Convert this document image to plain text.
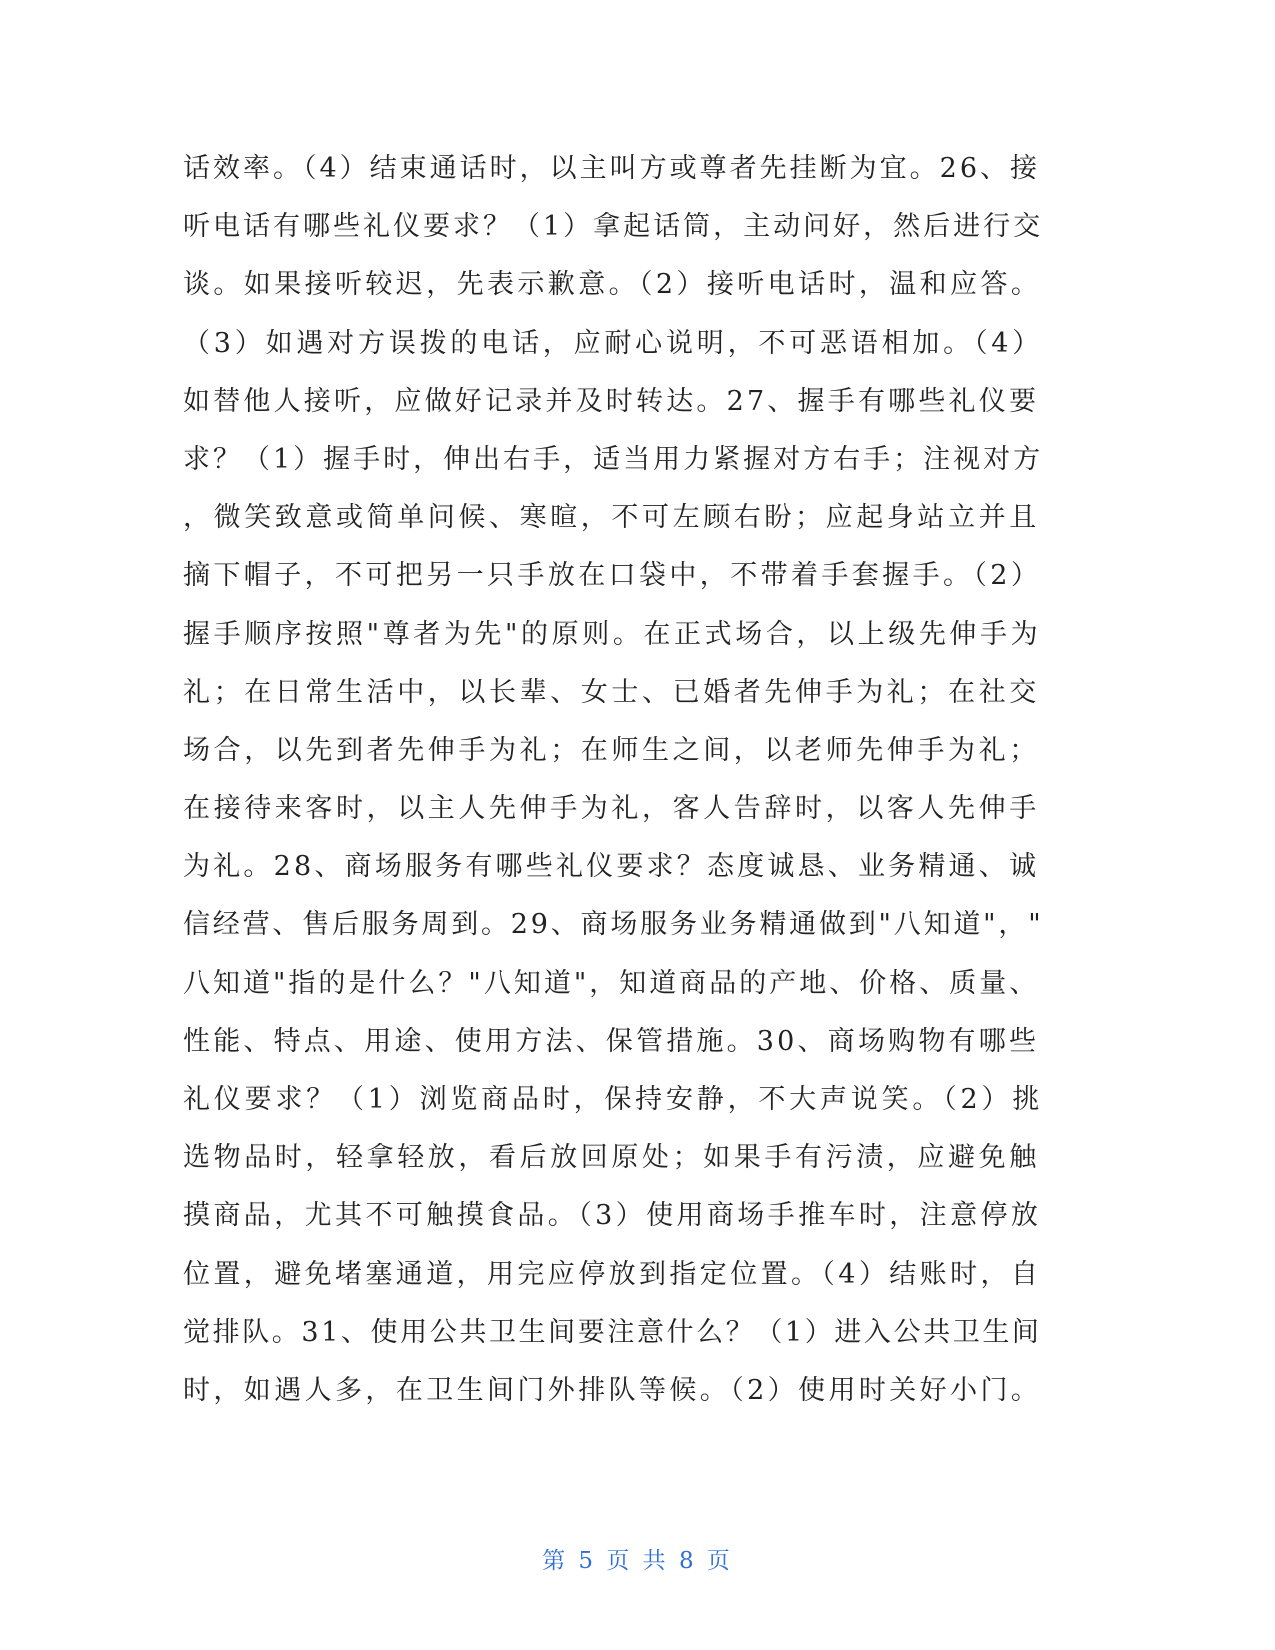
话效率。（4）结束通话时，以主叫方或尊者先挂断为宜。26、接
听电话有哪些礼仪要求？（1）拿起话筒，主动问好，然后进行交
谈。如果接听较迟，先表示歉意。（2）接听电话时，温和应答。
（3）如遇对方误拨的电话，应耐心说明，不可恶语相加。（4）
如替他人接听，应做好记录并及时转达。27、握手有哪些礼仪要
求？（1）握手时，伸出右手，适当用力紧握对方右手；注视对方
，微笑致意或简单问候、寒暄，不可左顾右盼；应起身站立并且
摘下帽子，不可把另一只手放在口袋中，不带着手套握手。（2）
握手顺序按照"尊者为先"的原则。在正式场合，以上级先伸手为
礼；在日常生活中，以长辈、女士、已婚者先伸手为礼；在社交
场合，以先到者先伸手为礼；在师生之间，以老师先伸手为礼；
在接待来客时，以主人先伸手为礼，客人告辞时，以客人先伸手
为礼。28、商场服务有哪些礼仪要求？态度诚恳、业务精通、诚
信经营、售后服务周到。29、商场服务业务精通做到"八知道"，"
八知道"指的是什么？"八知道"，知道商品的产地、价格、质量、
性能、特点、用途、使用方法、保管措施。30、商场购物有哪些
礼仪要求？（1）浏览商品时，保持安静，不大声说笑。（2）挑
选物品时，轻拿轻放，看后放回原处；如果手有污渍，应避免触
摸商品，尤其不可触摸食品。（3）使用商场手推车时，注意停放
位置，避免堵塞通道，用完应停放到指定位置。（4）结账时，自
觉排队。31、使用公共卫生间要注意什么？（1）进入公共卫生间
时，如遇人多，在卫生间门外排队等候。（2）使用时关好小门。
第 5 页 共 8 页
